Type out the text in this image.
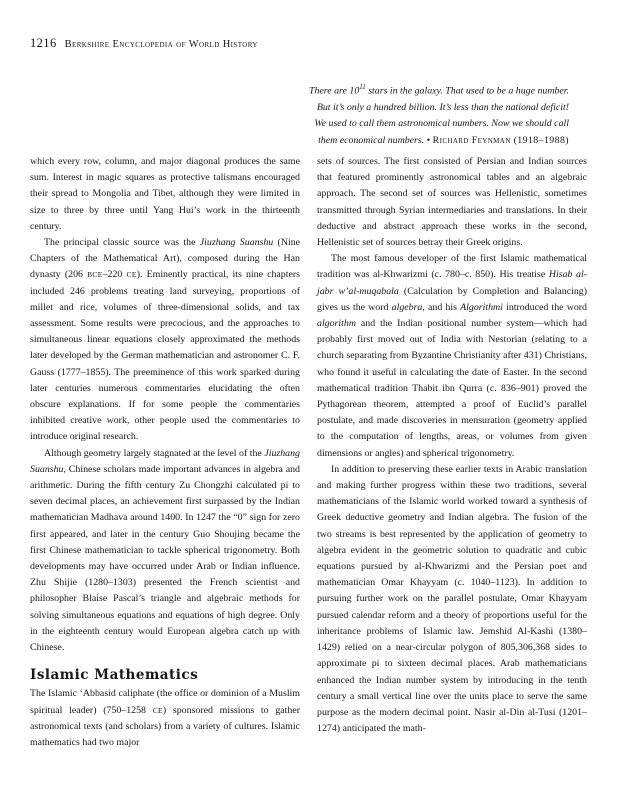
1216 Berkshire Encyclopedia of World History
There are $10^{11}$ stars in the galaxy. That used to be a huge number.
But it’s only a hundred billion. It’s less than the national deficit!
We used to call them astronomical numbers. Now we should call
them economical numbers. • Richard Feynman (1918–1988)

which every row, column, and major diagonal produces the same sum. Interest in magic squares as protective talismans encouraged their spread to Mongolia and Tibet, although they were limited in size to three by three until Yang Hui’s work in the thirteenth century.

The principal classic source was the Jiuzhang Suanshu (Nine Chapters of the Mathematical Art), composed during the Han dynasty (206 BCE–220 CE). Eminently practical, its nine chapters included 246 problems treating land surveying, proportions of millet and rice, volumes of three-dimensional solids, and tax assessment. Some results were precocious, and the approaches to simultaneous linear equations closely approximated the methods later developed by the German mathematician and astronomer C. F. Gauss (1777–1855). The preeminence of this work sparked during later centuries numerous commentaries elucidating the often obscure explanations. If for some people the commentaries inhibited creative work, other people used the commentaries to introduce original research.

Although geometry largely stagnated at the level of the Jiuzhang Suanshu, Chinese scholars made important advances in algebra and arithmetic. During the fifth century Zu Chongzhi calculated pi to seven decimal places, an achievement first surpassed by the Indian mathematician Madhava around 1400. In 1247 the “0” sign for zero first appeared, and later in the century Guo Shoujing became the first Chinese mathematician to tackle spherical trigonometry. Both developments may have occurred under Arab or Indian influence. Zhu Shijie (1280–1303) presented the French scientist and philosopher Blaise Pascal’s triangle and algebraic methods for solving simultaneous equations and equations of high degree. Only in the eighteenth century would European algebra catch up with Chinese.

Islamic Mathematics

The Islamic ‘Abbasid caliphate (the office or dominion of a Muslim spiritual leader) (750–1258 CE) sponsored missions to gather astronomical texts (and scholars) from a variety of cultures. Islamic mathematics had two major

sets of sources. The first consisted of Persian and Indian sources that featured prominently astronomical tables and an algebraic approach. The second set of sources was Hellenistic, sometimes transmitted through Syrian intermediaries and translations. In their deductive and abstract approach these works in the second, Hellenistic set of sources betray their Greek origins.

The most famous developer of the first Islamic mathematical tradition was al-Khwarizmi (c. 780–c. 850). His treatise Hisab al-jabr w’al-muqabala (Calculation by Completion and Balancing) gives us the word algebra, and his Algorithmi introduced the word algorithm and the Indian positional number system—which had probably first moved out of India with Nestorian (relating to a church separating from Byzantine Christianity after 431) Christians, who found it useful in calculating the date of Easter. In the second mathematical tradition Thabit ibn Qurra (c. 836–901) proved the Pythagorean theorem, attempted a proof of Euclid’s parallel postulate, and made discoveries in mensuration (geometry applied to the computation of lengths, areas, or volumes from given dimensions or angles) and spherical trigonometry.

In addition to preserving these earlier texts in Arabic translation and making further progress within these two traditions, several mathematicians of the Islamic world worked toward a synthesis of Greek deductive geometry and Indian algebra. The fusion of the two streams is best represented by the application of geometry to algebra evident in the geometric solution to quadratic and cubic equations pursued by al-Khwarizmi and the Persian poet and mathematician Omar Khayyam (c. 1040–1123). In addition to pursuing further work on the parallel postulate, Omar Khayyam pursued calendar reform and a theory of proportions useful for the inheritance problems of Islamic law. Jemshid Al-Kashi (1380–1429) relied on a near-circular polygon of 805,306,368 sides to approximate pi to sixteen decimal places. Arab mathematicians enhanced the Indian number system by introducing in the tenth century a small vertical line over the units place to serve the same purpose as the modern decimal point. Nasir al-Din al-Tusi (1201–1274) anticipated the math-
